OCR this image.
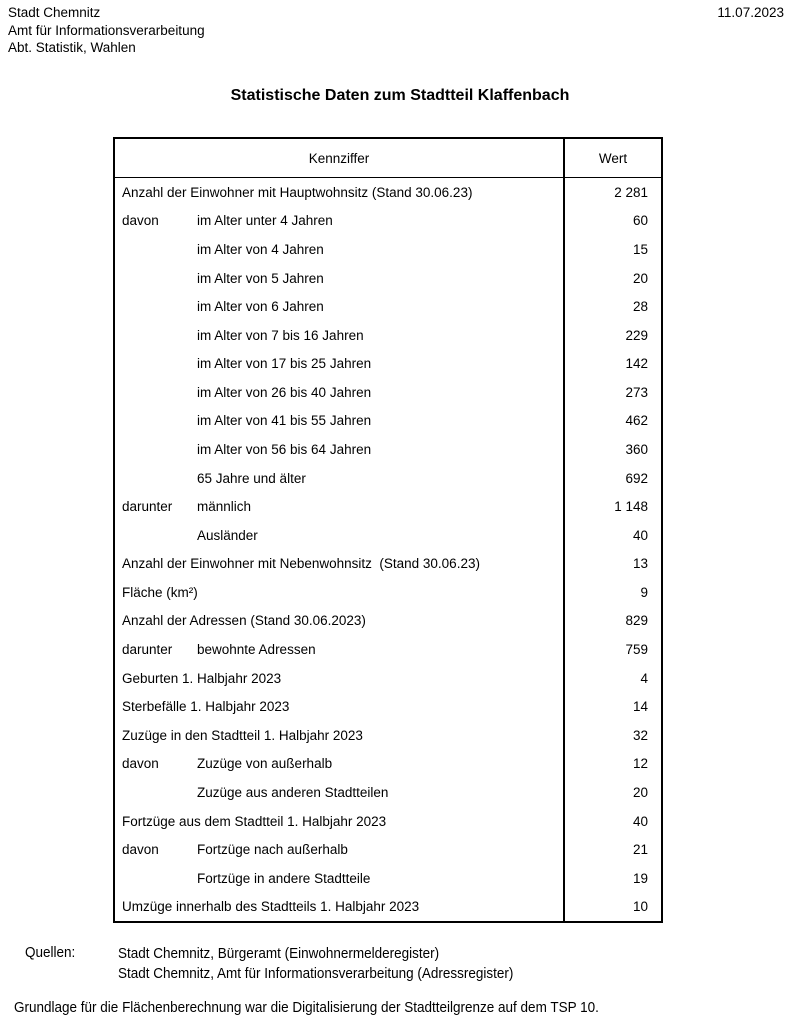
Stadt Chemnitz
Amt für Informationsverarbeitung
Abt. Statistik, Wahlen
11.07.2023
Statistische Daten zum Stadtteil Klaffenbach
Kennziffer	Wert
Anzahl der Einwohner mit Hauptwohnsitz (Stand 30.06.23)	2 281
davon	im Alter unter 4 Jahren	60
im Alter von 4 Jahren	15
im Alter von 5 Jahren	20
im Alter von 6 Jahren	28
im Alter von 7 bis 16 Jahren	229
im Alter von 17 bis 25 Jahren	142
im Alter von 26 bis 40 Jahren	273
im Alter von 41 bis 55 Jahren	462
im Alter von 56 bis 64 Jahren	360
65 Jahre und älter	692
darunter	männlich	1 148
Ausländer	40
Anzahl der Einwohner mit Nebenwohnsitz  (Stand 30.06.23)	13
Fläche (km²)	9
Anzahl der Adressen (Stand 30.06.2023)	829
darunter	bewohnte Adressen	759
Geburten 1. Halbjahr 2023	4
Sterbefälle 1. Halbjahr 2023	14
Zuzüge in den Stadtteil 1. Halbjahr 2023	32
davon	Zuzüge von außerhalb	12
Zuzüge aus anderen Stadtteilen	20
Fortzüge aus dem Stadtteil 1. Halbjahr 2023	40
davon	Fortzüge nach außerhalb	21
Fortzüge in andere Stadtteile	19
Umzüge innerhalb des Stadtteils 1. Halbjahr 2023	10
Quellen:	Stadt Chemnitz, Bürgeramt (Einwohnermelderegister)
Stadt Chemnitz, Amt für Informationsverarbeitung (Adressregister)
Grundlage für die Flächenberechnung war die Digitalisierung der Stadtteilgrenze auf dem TSP 10.
